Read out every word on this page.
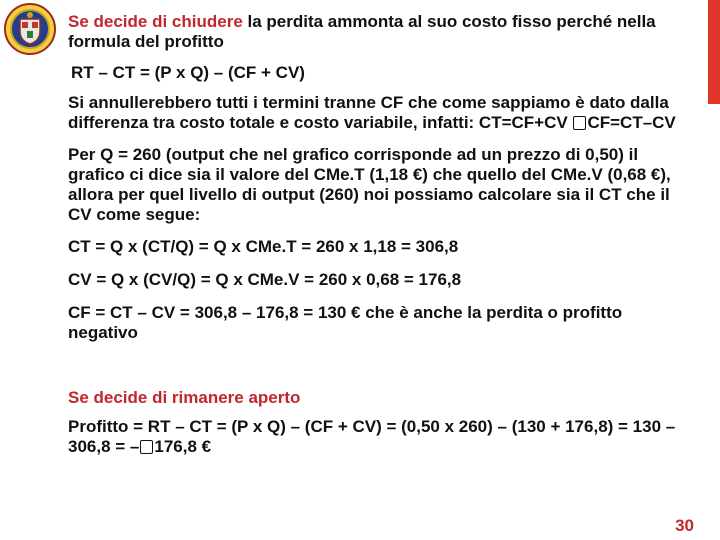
Se decide di chiudere la perdita ammonta al suo costo fisso perché nella formula del profitto

RT – CT = (P x Q) – (CF + CV)

Si annullerebbero tutti i termini tranne CF che come sappiamo è dato dalla differenza tra costo totale e costo variabile, infatti: CT=CF+CV CF=CT–CV

Per Q = 260 (output che nel grafico corrisponde ad un prezzo di 0,50) il grafico ci dice sia il valore del CMe.T (1,18 €) che quello del CMe.V (0,68 €), allora per quel livello di output (260) noi possiamo calcolare sia il CT che il CV come segue:

CT = Q x (CT/Q) = Q x CMe.T = 260 x 1,18 = 306,8

CV = Q x (CV/Q) = Q x CMe.V = 260 x 0,68 = 176,8

CF = CT – CV = 306,8 – 176,8 = 130 € che è anche la perdita o profitto negativo

Se decide di rimanere aperto

Profitto = RT – CT = (P x Q) – (CF + CV) = (0,50 x 260) – (130 + 176,8) = 130 – 306,8 = – 176,8 €

30
